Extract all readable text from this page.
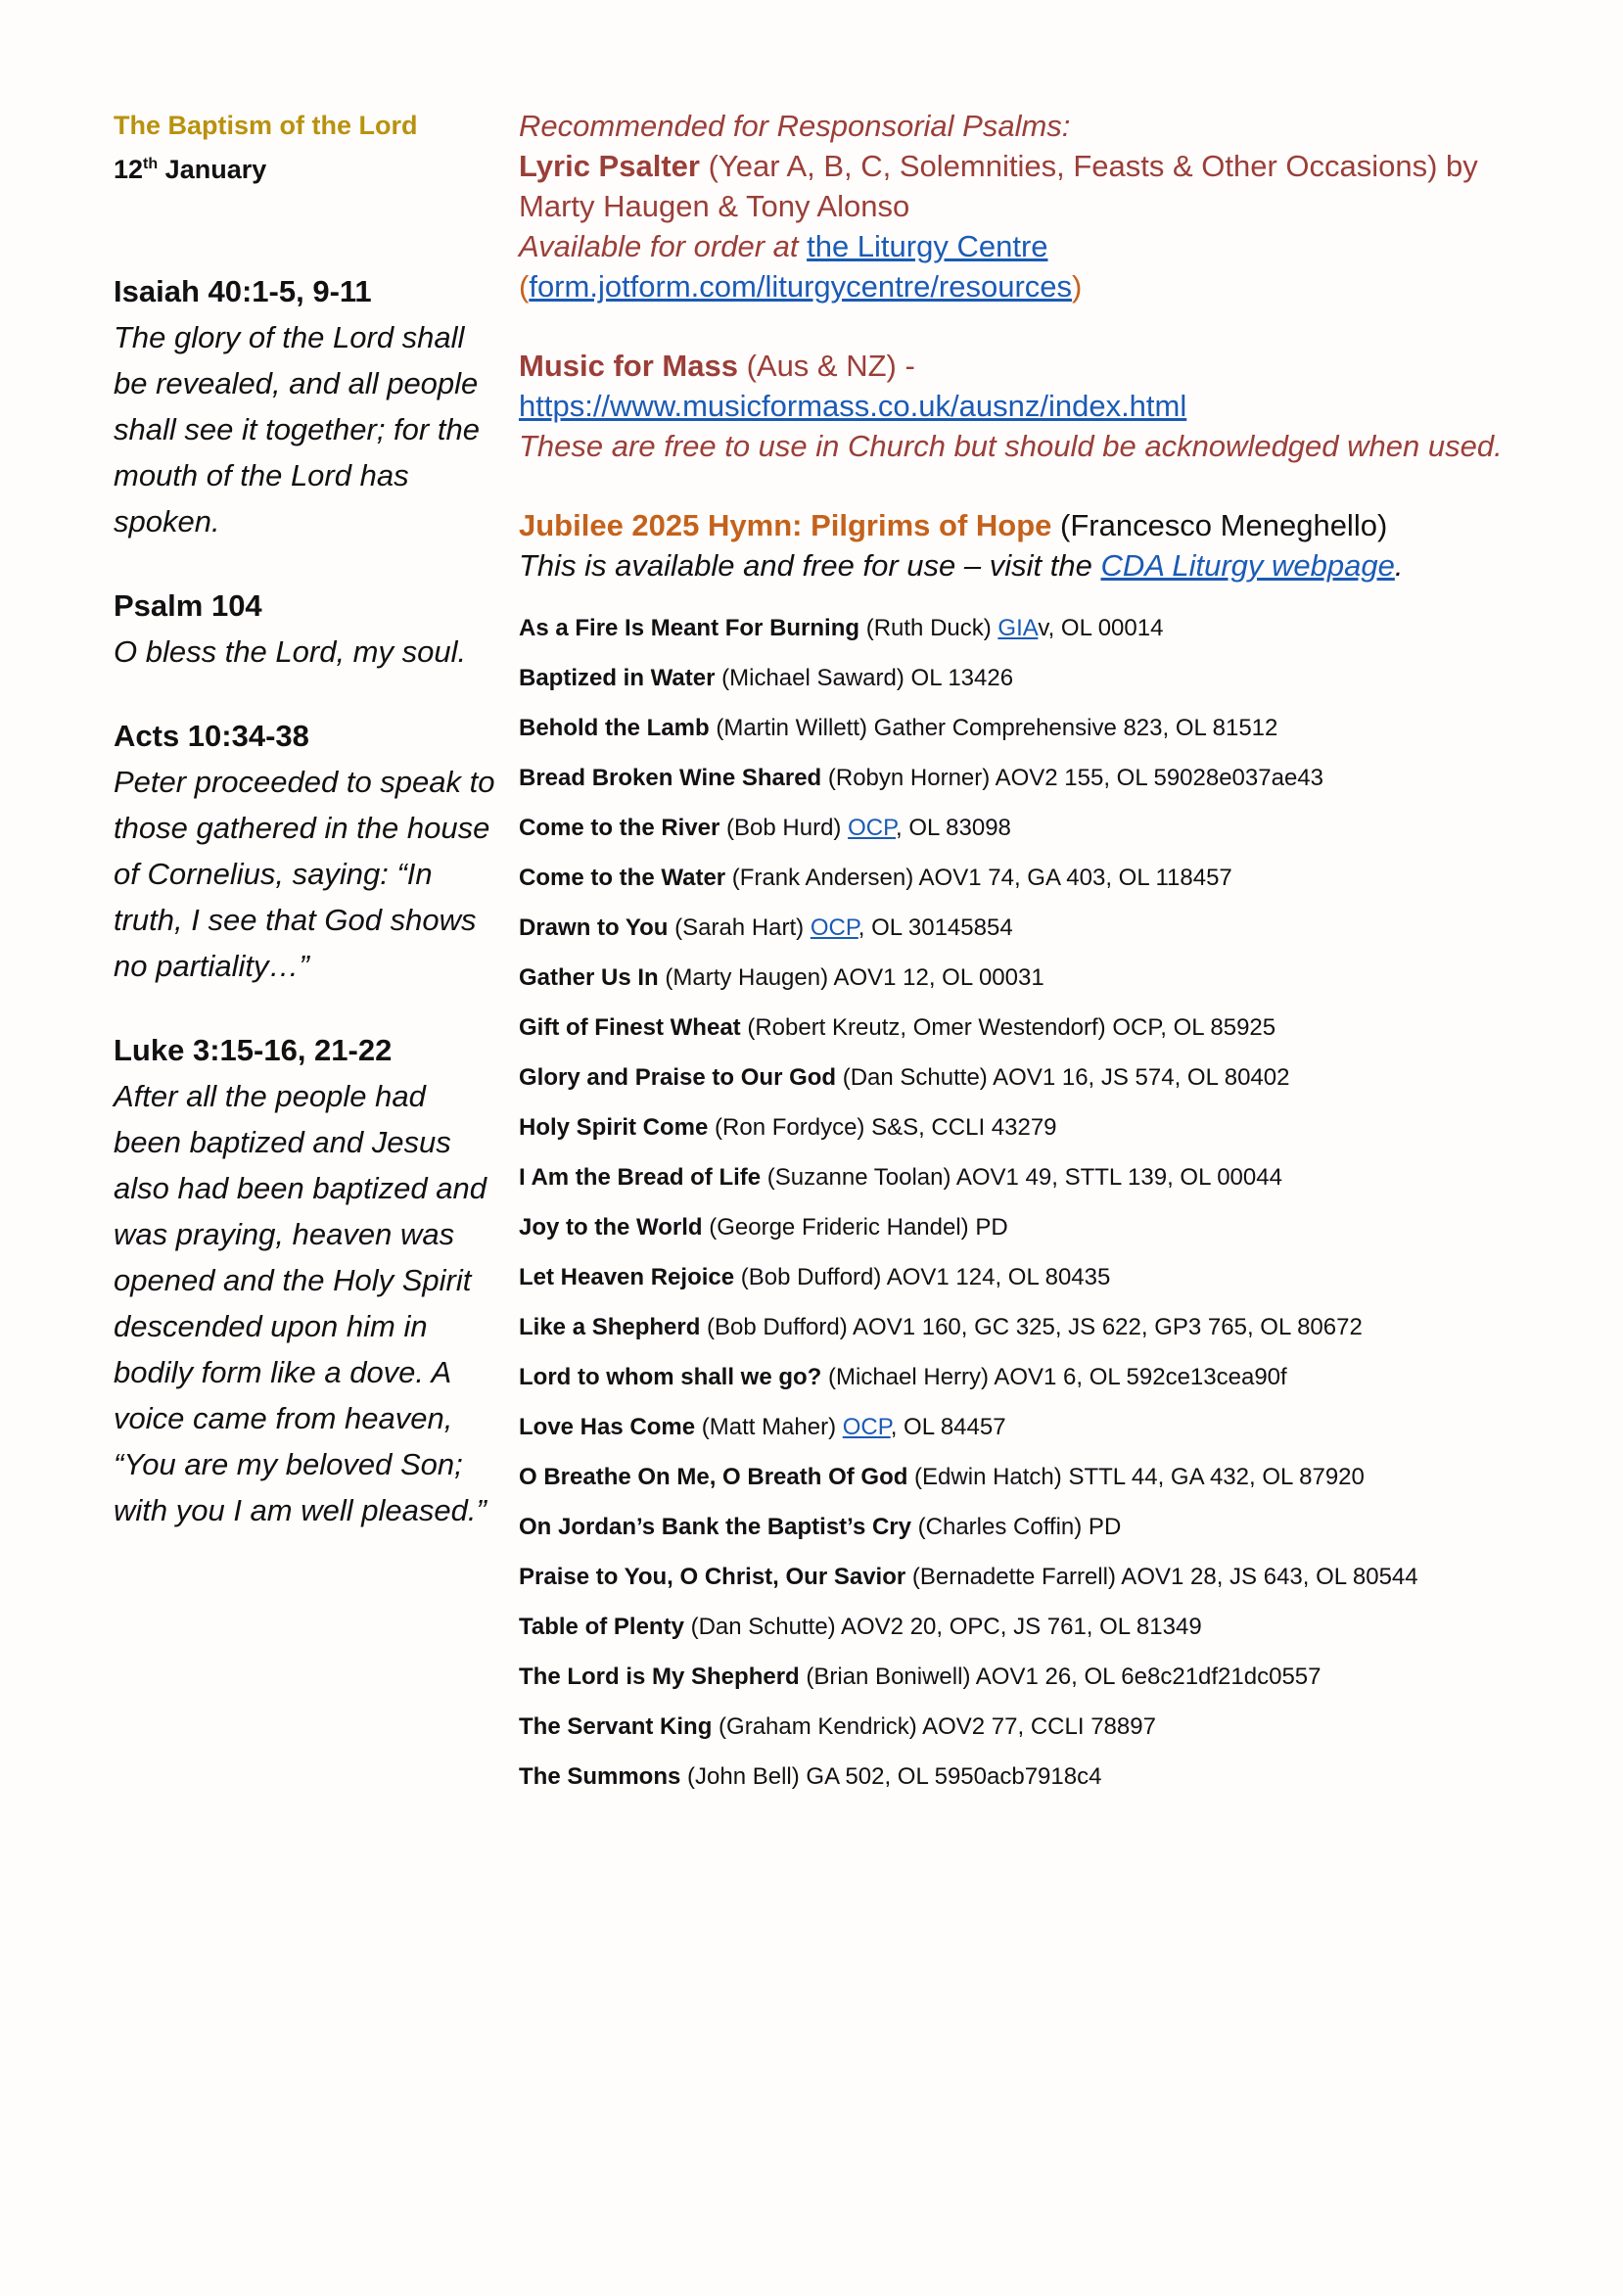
The Baptism of the Lord
12th January
Isaiah 40:1-5, 9-11
The glory of the Lord shall
be revealed, and all people
shall see it together; for the
mouth of the Lord has
spoken.
Psalm 104
O bless the Lord, my soul.
Acts 10:34-38
Peter proceeded to speak to
those gathered in the house
of Cornelius, saying: “In
truth, I see that God shows
no partiality…”
Luke 3:15-16, 21-22
After all the people had
been baptized and Jesus
also had been baptized and
was praying, heaven was
opened and the Holy Spirit
descended upon him in
bodily form like a dove. A
voice came from heaven,
“You are my beloved Son;
with you I am well pleased.”
Recommended for Responsorial Psalms:
Lyric Psalter (Year A, B, C, Solemnities, Feasts & Other Occasions) by
Marty Haugen & Tony Alonso
Available for order at the Liturgy Centre
(form.jotform.com/liturgycentre/resources)
Music for Mass (Aus & NZ) -
https://www.musicformass.co.uk/ausnz/index.html
These are free to use in Church but should be acknowledged when used.
Jubilee 2025 Hymn: Pilgrims of Hope (Francesco Meneghello)
This is available and free for use – visit the CDA Liturgy webpage.
As a Fire Is Meant For Burning (Ruth Duck) GIAv, OL 00014
Baptized in Water (Michael Saward) OL 13426
Behold the Lamb (Martin Willett) Gather Comprehensive 823, OL 81512
Bread Broken Wine Shared (Robyn Horner) AOV2 155, OL 59028e037ae43
Come to the River (Bob Hurd) OCP, OL 83098
Come to the Water (Frank Andersen) AOV1 74, GA 403, OL 118457
Drawn to You (Sarah Hart) OCP, OL 30145854
Gather Us In (Marty Haugen) AOV1 12, OL 00031
Gift of Finest Wheat (Robert Kreutz, Omer Westendorf) OCP, OL 85925
Glory and Praise to Our God (Dan Schutte) AOV1 16, JS 574, OL 80402
Holy Spirit Come (Ron Fordyce) S&S, CCLI 43279
I Am the Bread of Life (Suzanne Toolan) AOV1 49, STTL 139, OL 00044
Joy to the World (George Frideric Handel) PD
Let Heaven Rejoice (Bob Dufford) AOV1 124, OL 80435
Like a Shepherd (Bob Dufford) AOV1 160, GC 325, JS 622, GP3 765, OL 80672
Lord to whom shall we go? (Michael Herry) AOV1 6, OL 592ce13cea90f
Love Has Come (Matt Maher) OCP, OL 84457
O Breathe On Me, O Breath Of God (Edwin Hatch) STTL 44, GA 432, OL 87920
On Jordan’s Bank the Baptist’s Cry (Charles Coffin) PD
Praise to You, O Christ, Our Savior (Bernadette Farrell) AOV1 28, JS 643, OL 80544
Table of Plenty (Dan Schutte) AOV2 20, OPC, JS 761, OL 81349
The Lord is My Shepherd (Brian Boniwell) AOV1 26, OL 6e8c21df21dc0557
The Servant King (Graham Kendrick) AOV2 77, CCLI 78897
The Summons (John Bell) GA 502, OL 5950acb7918c4
